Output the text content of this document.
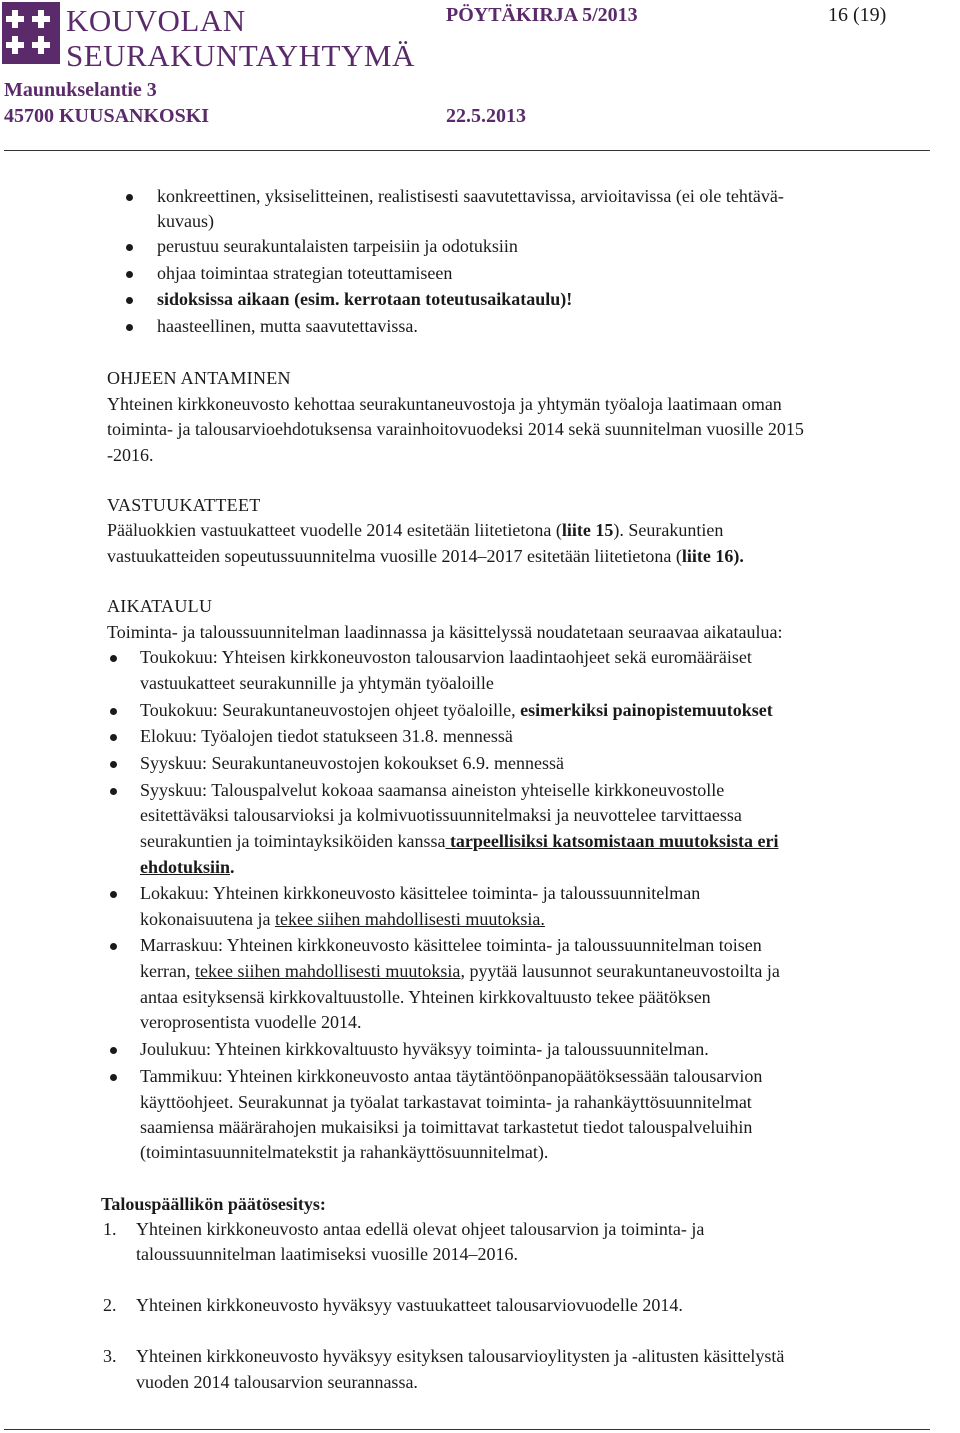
KOUVOLAN
SEURAKUNTAYHTYMÄ
Maunukselantie 3
45700 KUUSANKOSKI
PÖYTÄKIRJA 5/2013	16 (19)
22.5.2013

konkreettinen, yksiselitteinen, realistisesti saavutettavissa, arvioitavissa (ei ole tehtävä-

kuvaus)

perustuu seurakuntalaisten tarpeisiin ja odotuksiin

ohjaa toimintaa strategian toteuttamiseen

sidoksissa aikaan (esim. kerrotaan toteutusaikataulu)!

haasteellinen, mutta saavutettavissa.

OHJEEN ANTAMINEN

Yhteinen kirkkoneuvosto kehottaa seurakuntaneuvostoja ja yhtymän työaloja laatimaan oman

toiminta- ja talousarvioehdotuksensa varainhoitovuodeksi 2014 sekä suunnitelman vuosille 2015

-2016.

VASTUUKATTEET

Pääluokkien vastuukatteet vuodelle 2014 esitetään liitetietona (liite 15). Seurakuntien

vastuukatteiden sopeutussuunnitelma vuosille 2014–2017 esitetään liitetietona (liite 16).

AIKATAULU

Toiminta- ja taloussuunnitelman laadinnassa ja käsittelyssä noudatetaan seuraavaa aikataulua:

Toukokuu: Yhteisen kirkkoneuvoston talousarvion laadintaohjeet sekä euromääräiset

vastuukatteet seurakunnille ja yhtymän työaloille

Toukokuu: Seurakuntaneuvostojen ohjeet työaloille, esimerkiksi painopistemuutokset

Elokuu: Työalojen tiedot statukseen 31.8. mennessä

Syyskuu: Seurakuntaneuvostojen kokoukset 6.9. mennessä

Syyskuu: Talouspalvelut kokoaa saamansa aineiston yhteiselle kirkkoneuvostolle

esitettäväksi talousarvioksi ja kolmivuotissuunnitelmaksi ja neuvottelee tarvittaessa

seurakuntien ja toimintayksiköiden kanssa tarpeellisiksi katsomistaan muutoksista eri

ehdotuksiin.

Lokakuu: Yhteinen kirkkoneuvosto käsittelee toiminta- ja taloussuunnitelman

kokonaisuutena ja tekee siihen mahdollisesti muutoksia.

Marraskuu: Yhteinen kirkkoneuvosto käsittelee toiminta- ja taloussuunnitelman toisen

kerran, tekee siihen mahdollisesti muutoksia, pyytää lausunnot seurakuntaneuvostoilta ja

antaa esityksensä kirkkovaltuustolle. Yhteinen kirkkovaltuusto tekee päätöksen

veroprosentista vuodelle 2014.

Joulukuu: Yhteinen kirkkovaltuusto hyväksyy toiminta- ja taloussuunnitelman.

Tammikuu: Yhteinen kirkkoneuvosto antaa täytäntöönpanopäätöksessään talousarvion

käyttöohjeet. Seurakunnat ja työalat tarkastavat toiminta- ja rahankäyttösuunnitelmat

saamiensa määrärahojen mukaisiksi ja toimittavat tarkastetut tiedot talouspalveluihin

(toimintasuunnitelmatekstit ja rahankäyttösuunnitelmat).

Talouspäällikön päätösesitys:

1. Yhteinen kirkkoneuvosto antaa edellä olevat ohjeet talousarvion ja toiminta- ja

taloussuunnitelman laatimiseksi vuosille 2014–2016.

2. Yhteinen kirkkoneuvosto hyväksyy vastuukatteet talousarviovuodelle 2014.

3. Yhteinen kirkkoneuvosto hyväksyy esityksen talousarvioylitysten ja -alitusten käsittelystä

vuoden 2014 talousarvion seurannassa.
